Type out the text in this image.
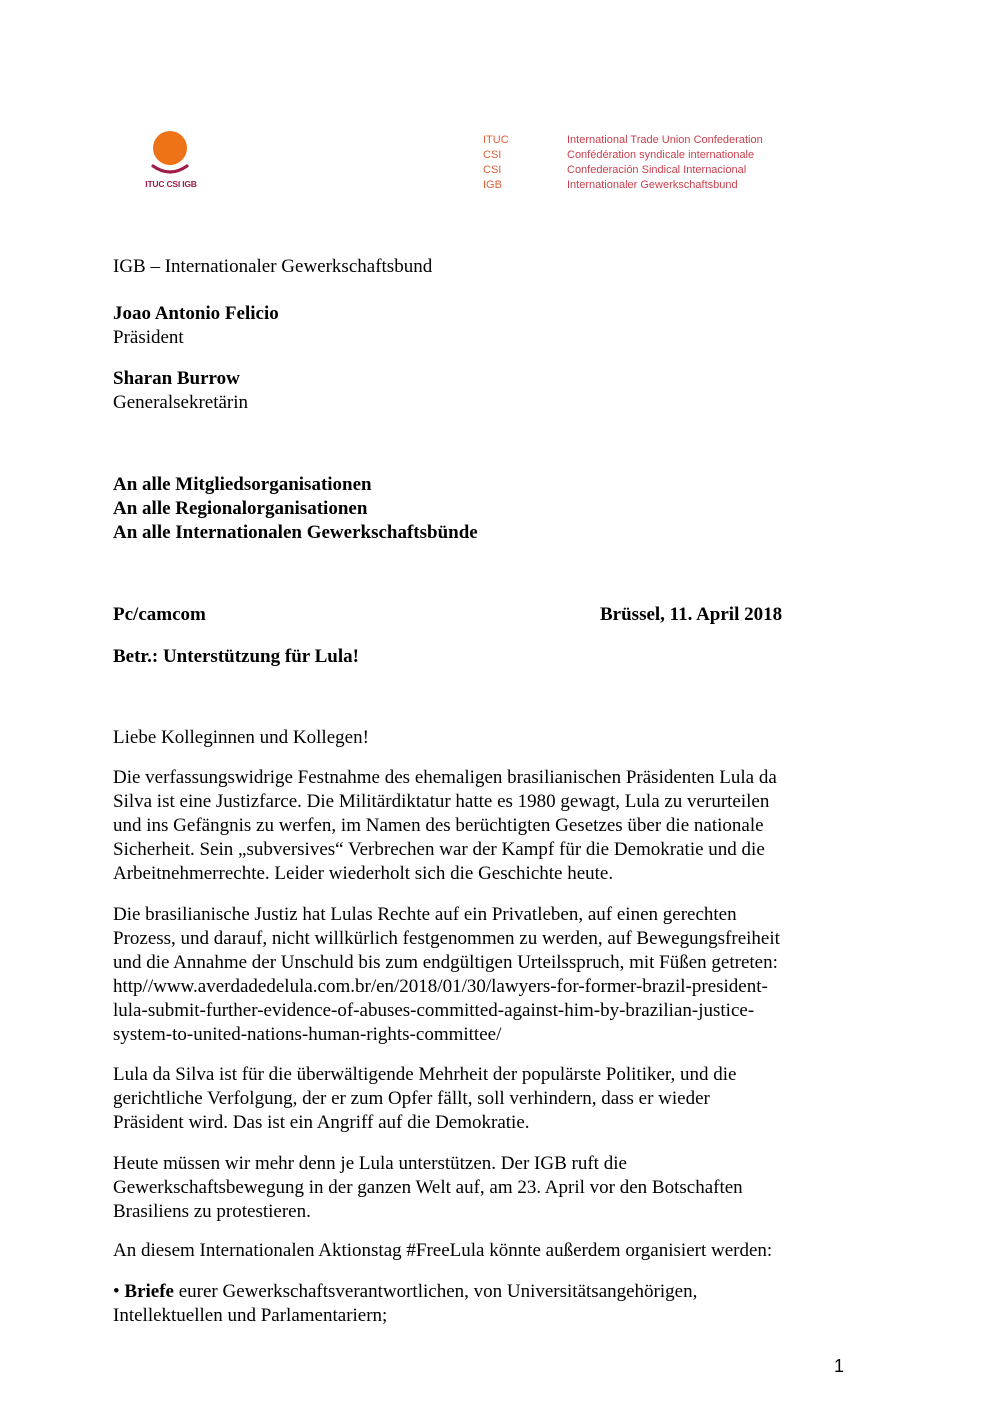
ITUC CSI IGB
ITUC
CSI
CSI
IGB
International Trade Union Confederation
Confédération syndicale internationale
Confederación Sindical Internacional
Internationaler Gewerkschaftsbund
IGB – Internationaler Gewerkschaftsbund
Joao Antonio Felicio
Präsident
Sharan Burrow
Generalsekretärin
An alle Mitgliedsorganisationen
An alle Regionalorganisationen
An alle Internationalen Gewerkschaftsbünde
Pc/camcom	Brüssel, 11. April 2018
Betr.: Unterstützung für Lula!
Liebe Kolleginnen und Kollegen!
Die verfassungswidrige Festnahme des ehemaligen brasilianischen Präsidenten Lula da
Silva ist eine Justizfarce. Die Militärdiktatur hatte es 1980 gewagt, Lula zu verurteilen
und ins Gefängnis zu werfen, im Namen des berüchtigten Gesetzes über die nationale
Sicherheit. Sein „subversives“ Verbrechen war der Kampf für die Demokratie und die
Arbeitnehmerrechte. Leider wiederholt sich die Geschichte heute.
Die brasilianische Justiz hat Lulas Rechte auf ein Privatleben, auf einen gerechten
Prozess, und darauf, nicht willkürlich festgenommen zu werden, auf Bewegungsfreiheit
und die Annahme der Unschuld bis zum endgültigen Urteilsspruch, mit Füßen getreten:
http//www.averdadedelula.com.br/en/2018/01/30/lawyers-for-former-brazil-president-
lula-submit-further-evidence-of-abuses-committed-against-him-by-brazilian-justice-
system-to-united-nations-human-rights-committee/
Lula da Silva ist für die überwältigende Mehrheit der populärste Politiker, und die
gerichtliche Verfolgung, der er zum Opfer fällt, soll verhindern, dass er wieder
Präsident wird. Das ist ein Angriff auf die Demokratie.
Heute müssen wir mehr denn je Lula unterstützen. Der IGB ruft die
Gewerkschaftsbewegung in der ganzen Welt auf, am 23. April vor den Botschaften
Brasiliens zu protestieren.
An diesem Internationalen Aktionstag #FreeLula könnte außerdem organisiert werden:
• Briefe eurer Gewerkschaftsverantwortlichen, von Universitätsangehörigen,
Intellektuellen und Parlamentariern;
1
